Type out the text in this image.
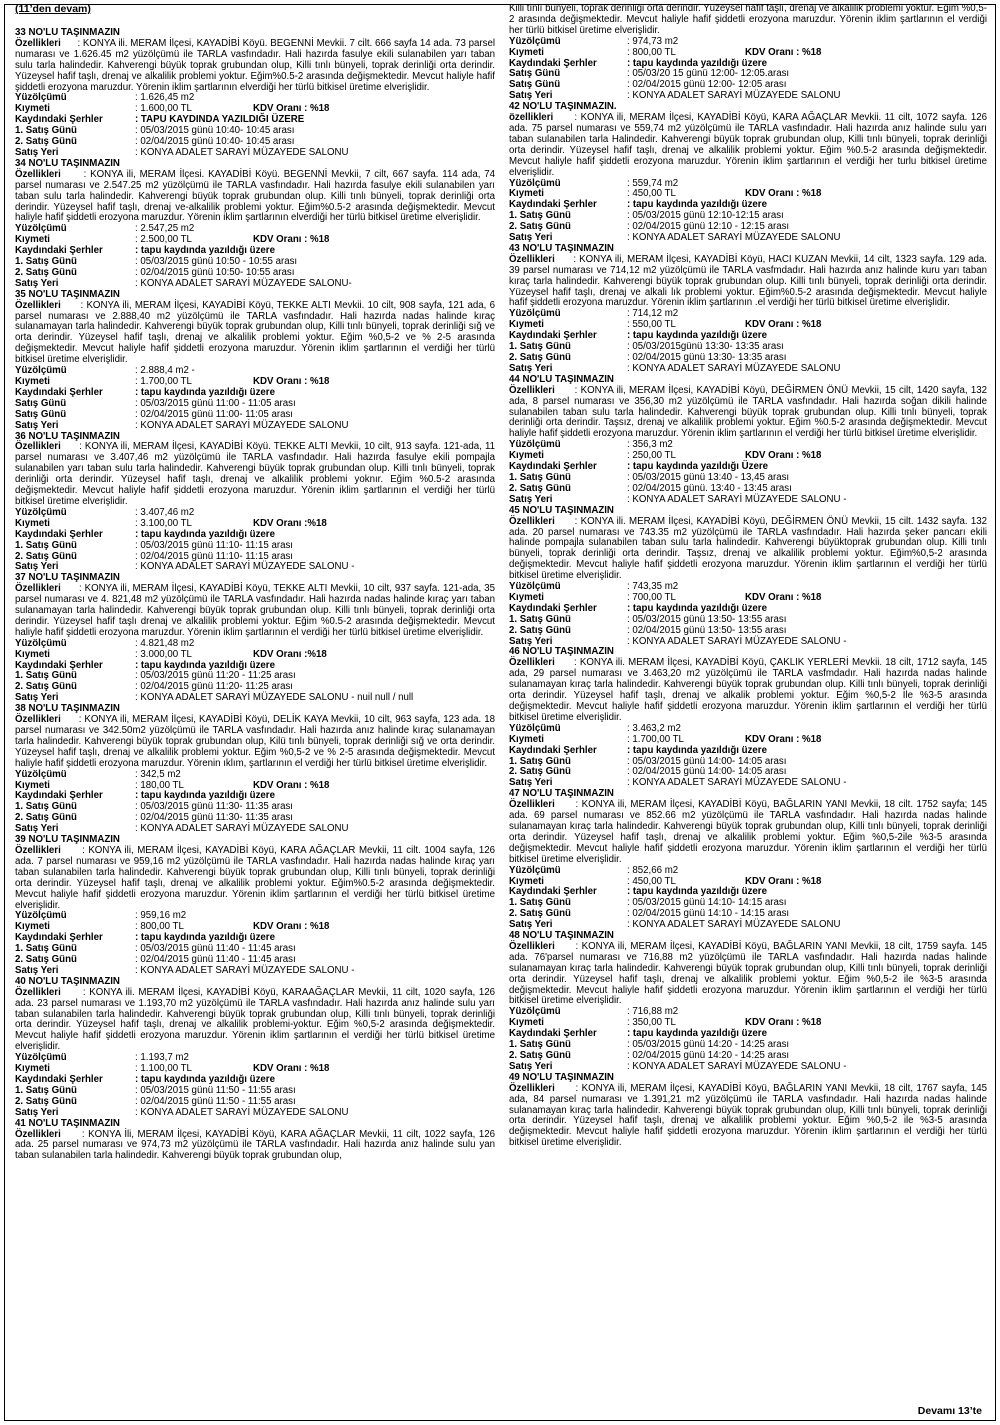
(11’den devam)
33 NO'LU TAŞINMAZIN

Özellikleri : KONYA ili. MERAM İlçesi, KAYADİBİ Köyü. BEGENNİ Mevkii. 7 cilt. 666 sayfa 14 ada. 73 parsel numarası ve 1.626.45 m2 yüzölçümü ile TARLA vasfındadır. Hali hazırda fasulye ekili sulanabilen yarı taban sulu tarla halindedir. Kahverengi büyük toprak grubundan olup, Killi tınlı bünyeli, toprak derinliği orta derindir. Yüzeysel hafif taşlı, drenaj ve alkalilik problemi yoktur. Eğim%0.5-2 arasında değişmektedir. Mevcut haliyle hafif şiddetli erozyona maruzdur. Yörenin iklim şartlarının elverdiği her türlü bitkisel üretime elverişlidir.

Yüzölçümü	: 1.626,45 m2
Kıymeti	: 1.600,00 TL	KDV Oranı : %18
Kaydındaki Şerhler	: TAPU KAYDINDA YAZILDIĞI ÜZERE
1. Satış Günü	: 05/03/2015 günü 10:40- 10:45 arası
2. Satış Günü	: 02/04/2015 günü 10:40- 10:45 arası
Satış Yeri	: KONYA ADALET SARAYİ MÜZAYEDE SALONU
34 NO'LU TAŞINMAZIN

Özellikleri : KONYA ili, MERAM İlçesi. KAYADİBİ Köyü. BEGENNİ Mevkii, 7 cilt, 667 sayfa. 114 ada, 74 parsel numarası ve 2.547.25 m2 yüzölçümü ile TARLA vasfındadır. Hali hazırda fasulye ekili sulanabilen yarı taban sulu tarla halindedir. Kahverengi büyük toprak grubundan olup. Killi tınlı bünyeli, toprak derinliği orta derindir. Yüzeysel hafif taşlı, drenaj ve-alkalilik problemi yoktur. Eğim%0.5-2 arasında değişmektedir. Mevcut haliyle hafif şiddetli erozyona maruzdur. Yörenin iklim şartlarının elverdiği her türlü bitkisel üretime elverişlidir.

Yüzölçümü	: 2.547,25 m2
Kıymeti	: 2.500,00 TL	KDV Oranı : %18
Kaydındaki Şerhler	: tapu kaydında yazıldığı üzere
1. Satış Günü	: 05/03/2015 günü 10:50 - 10:55 arası
2. Satış Günü	: 02/04/2015 günü 10:50- 10:55 arası
Satış Yeri	: KONYA ADALET SARAYİ MÜZAYEDE SALONU-
35 NO'LU TAŞINMAZIN

Özellikleri : KONYA ili, MERAM İlçesi, KAYADİBİ Köyü, TEKKE ALTI Mevkii. 10 cilt, 908 sayfa, 121 ada, 6 parsel numarası ve 2.888,40 m2 yüzölçümü ile TARLA vasfındadır. Hali hazırda nadas halinde kıraç sulanamayan tarla halindedir. Kahverengi büyük toprak grubundan olup, Killi tınlı bünyeli, toprak derinliği sığ ve orta derindir. Yüzeysel hafif taşlı, drenaj ve alkalilik problemi yoktur. Eğim %0,5-2 ve % 2-5 arasında değişmektedir. Mevcut haliyle hafif şiddetli erozyona maruzdur. Yörenin iklim şartlarının el verdiği her türlü bitkisel üretime elverişlidir.

Yüzölçümü	: 2.888,4 m2 -
Kıymeti	: 1.700,00 TL	KDV Oranı : %18
Kaydındaki Şerhler	: tapu kaydında yazıldığı üzere
Satış Günü	: 05/03/2015 günü 11:00 - 11:05 arası
Satış Günü	: 02/04/2015 günü 11:00- 11:05 arası
Satış Yeri	: KONYA ADALET SARAYİ MÜZAYEDE SALONU
36 NO'LU TAŞINMAZIN

Özellikleri : KONYA ili, MERAM İlçesi, KAYADİBİ Köyü. TEKKE ALTI Mevkii, 10 cilt, 913 sayfa. 121-ada, 11 parsel numarası ve 3.407,46 m2 yüzölçümü ile TARLA vasfındadır. Hali hazırda fasulye ekili pompajla sulanabilen yarı taban sulu tarla halindedir. Kahverengi büyük toprak grubundan olup. Killi tınlı bünyeli, toprak derinliği orta derindir. Yüzeysel hafif taşlı, drenaj ve alkalilik problemi yoknır. Eğim %0.5-2 arasında değişmektedir. Mevcut haliyle hafif şiddetli erozyona maruzdur. Yörenin iklim şartlarının el verdiği her türlü bitkisel üretime elverişlidir.

Yüzölçümü	: 3.407,46 m2
Kıymeti	: 3.100,00 TL	KDV Oranı :%18
Kaydındaki Şerhler	: tapu kaydında yazıldığı üzere
1. Satış Günü	: 05/03/2015 günü 11:10- 11:15 arası
2. Satış Günü	: 02/04/2015 günü 11:10- 11:15 arası
Satış Yeri	: KONYA ADALET SARAYİ MÜZAYEDE SALONU -
37 NO'LU TAŞINMAZIN

Özellikleri : KONYA ili, MERAM İlçesi, KAYADİBİ Köyü, TEKKE ALTI Mevkii, 10 cilt, 937 sayfa. 121-ada, 35 parsel numarası ve 4. 821,48 m2 yüzölçümü ile TARLA vasfındadır. Hali hazırda nadas halinde kıraç yarı taban sulanamayan tarla halindedir. Kahverengi büyük toprak grubundan olup. Killi tınlı bünyeli, toprak derinliği orta derindir. Yüzeysel hafif taşlı drenaj ve alkalilik problemi yoktur. Eğim %0.5-2 arasında değişmektedir. Mevcut haliyle hafif şiddetli erozyona maruzdur. Yörenin iklim şartlarının el verdiği her türlü bitkisel üretime elverişlidir.

Yüzölçümü	: 4.821,48 m2
Kıymeti	: 3.000,00 TL	KDV Oranı :%18
Kaydındaki Şerhler	: tapu kaydında yazıldığı üzere
1. Satış Günü	: 05/03/2015 günü 11:20 - 11:25 arası
2. Satış Günü	: 02/04/2015 günü 11:20- 11:25 arası
Satış Yeri	: KONYA ADALET SARAYİ MÜZAYEDE SALONU - nuil null / null
38 NO'LU TAŞINMAZIN

Özellikleri : KONYA ili, MERAM İlçesi, KAYADİBİ Köyü, DELİK KAYA Mevkii, 10 cilt, 963 sayfa, 123 ada. 18 parsel numarası ve 342.50m2 yüzölçümü ile TARLA vasfındadır. Hali hazırda anız halinde kıraç sulanamayan tarla halindedir. Kahverengi büyük toprak grubundan olup, Kilü tınlı bünyeli, toprak derinliği sığ ve orta derindir. Yüzeysel hafif taşlı, drenaj ve alkalilik problemi yoktur. Eğim %0,5-2 ve % 2-5 arasında değişmektedir. Mevcut haliyle hafif şiddetli erozyona maruzdur. Yörenin ıklım, şartlarının el verdiği her türlü bitkisel üretime elverişlidir.

Yüzölçümü	: 342,5 m2
Kıymeti	: 180,00 TL	KDV Oranı : %18
Kaydındaki Şerhler	: tapu kaydında yazıldığı üzere
1. Satış Günü	: 05/03/2015 günü 11:30- 11:35 arası
2. Satış Günü	: 02/04/2015 günü 11:30- 11:35 arası
Satış Yeri	: KONYA ADALET SARAYİ MÜZAYEDE SALONU
39 NO'LU TAŞINMAZIN

Özellikleri : KONYA ili, MERAM İlçesi, KAYADİBİ Köyü, KARA AĞAÇLAR Mevkii, 11 cilt. 1004 sayfa, 126 ada. 7 parsel numarası ve 959,16 m2 yüzölçümü ile TARLA vasfındadır. Hali hazırda nadas halinde kıraç yarı taban sulanabilen tarla halindedir. Kahverengi büyük toprak grubundan olup, Killi tınlı bünyeli, toprak derinliği orta derindir. Yüzeysel hafif taşlı, drenaj ve alkalilik problemi yoktur. Eğim%0.5-2 arasında değişmektedir. Mevcut haliyle hafif şiddetli erozyona maruzdur. Yörenin iklim şartlarının el verdiği her türlü bitkisel üretime elverişlidir.

Yüzölçümü	: 959,16 m2
Kıymeti	: 800,00 TL	KDV Oranı : %18
Kaydındaki Şerhler	: tapu kaydında yazıldığı üzere
1. Satış Günü	: 05/03/2015 günü 11:40 - 11:45 arası
2. Satış Günü	: 02/04/2015 günü 11:40 - 11:45 arası
Satış Yeri	: KONYA ADALET SARAYİ MÜZAYEDE SALONU -
40 NO'LU TAŞINMAZIN

Özellikleri : KONYA ili. MERAM İlçesi, KAYADİBİ Köyü, KARAAĞAÇLAR Mevkii, 11 cilt, 1020 sayfa, 126 ada. 23 parsel numarası ve 1.193,70 m2 yüzölçümü ile TARLA vasfındadır. Hali hazırda anız halinde sulu yarı taban sulanabilen tarla halindedir. Kahverengi büyük toprak grubundan olup, Killi tınlı bünyeli, toprak derinliği orta derindir. Yüzeysel hafif taşlı, drenaj ve alkalilik problemi-yoktur. Eğim %0,5-2 arasında değişmektedir. Mevcut haliyle hafif şiddetli erozyona maruzdur. Yörenin iklim şartlarının el verdiği her türlü bitkisel üretime elverişlidir.

Yüzölçümü	: 1.193,7 m2
Kıymeti	: 1.100,00 TL	KDV Oranı : %18
Kaydındaki Şerhler	: tapu kaydında yazıldığı üzere
1. Satış Günü	: 05/03/2015 günü 11:50 - 11:55 arası
2. Satış Günü	: 02/04/2015 günü 11:50 - 11:55 arası
Satış Yeri	: KONYA ADALET SARAYİ MÜZAYEDE SALONU
41 NO'LU TAŞINMAZIN

Özellikleri : KONYA İli, MERAM İlçesi, KAYADİBİ Köyü, KARA AĞAÇLAR Mevkii, 11 cilt, 1022 sayfa, 126 ada. 25 parsel numarası ve 974,73 m2 yüzölçümü ile TARLA vasfındadır. Hali hazırda anız halinde sulu yan taban sulanabilen tarla halindedir. Kahverengi büyük toprak grubundan olup,

Killi tınlı bünyeli, toprak derinliği orta derindir. Yüzeysel hafif taşlı, drenaj ve alkalilik problemi yoktur. Eğim %0,5-2 arasında değişmektedir. Mevcut haliyle hafif şiddetli erozyona maruzdur. Yörenin iklim şartlarının el verdiği her türlü bitkisel üretime elverişlidir.

Yüzölçümü	: 974,73 m2
Kıymeti	: 800,00 TL	KDV Oranı : %18
Kaydındaki Şerhler	: tapu kaydında yazıldığı üzere
Satış Günü	: 05/03/20 15 günü 12:00- 12:05.arası
Satış Günü	: 02/04/2015 günü 12:00- 12:05 arası
Satış Yeri	: KONYA ADALET SARAYİ MÜZAYEDE SALONU
42 NO'LU TAŞINMAZIN.

özellikleri : KONYA ili, MERAM İlçesi, KAYADİBİ Köyü, KARA AĞAÇLAR Mevkii. 11 cilt, 1072 sayfa. 126 ada. 75 parsel numarası ve 559,74 m2 yüzölçümü ile TARLA vasfındadır. Hali hazırda anız halinde sulu yarı taban sulanabilen tarla Halindedir. Kahverengi büyük toprak grubundan olup, Killi tınlı bünyeli, toprak derinliği orta derindir. Yüzeysel hafif taşlı, drenaj ve alkalilik problemi yoktur. Eğim %0.5-2 arasında değişmektedir. Mevcut haliyle hafif şiddetli erozyona maruzdur. Yörenin iklim şartlarının el verdiği her turlu bitkisel üretime elverişlidir.

Yüzölçümü	: 559,74 m2
Kıymeti	: 450,00 TL	KDV Oranı : %18
Kaydındaki Şerhler	: tapu kaydında yazıldığı üzere
1. Satış Günü	: 05/03/2015 günü 12:10-12:15 arası
2. Satış Günü	: 02/04/2015 günü 12:10 - 12:15 arası
Satış Yeri	: KONYA ADALET SARAYİ MÜZAYEDE SALONU
43 NO'LU TAŞINMAZIN

Özellikleri : KONYA ili, MERAM İlçesi, KAYADİBİ Köyü, HACI KUZAN Mevkii, 14 cilt, 1323 sayfa. 129 ada. 39 parsel numarası ve 714,12 m2 yüzölçümü ile TARLA vasfmdadır. Hali hazırda anız halinde kuru yarı taban kıraç tarla halindedir. Kahverengi büyük toprak grubundan olup. Killi tınlı bünyeli, toprak derinliği orta derindir. Yüzeysel hafif taşlı, drenaj ve alkali lık problemi yoktur. Eğim%0.5-2 arasında değişmektedir. Mevcut haliyle hafif şiddetli erozyona maruzdur. Yörenin iklim şartlarının .el verdiği her türlü bitkisel üretime elverişlidir.

Yüzölçümü	: 714,12 m2
Kıymeti	: 550,00 TL	KDV Oranı : %18
Kaydındaki Şerhler	: tapu kaydında yazıldığı üzere
1. Satış Günü	: 05/03/2015günü 13:30- 13:35 arası
2. Satış Günü	: 02/04/2015 günü 13:30- 13:35 arası
Satış Yeri	: KONYA ADALET SARAYİ MÜZAYEDE SALONU
44 NO'LU TAŞINMAZIN

Özellikleri : KONYA ili, MERAM İlçesi, KAYADİBİ Köyü, DEĞİRMEN ÖNÜ Mevkii, 15 cilt, 1420 sayfa, 132 ada, 8 parsel numarası ve 356,30 m2 yüzölçümü ile TARLA vasfındadır. Hali hazırda soğan dikili halinde sulanabilen taban sulu tarla halindedir. Kahverengi büyük toprak grubundan olup. Killi tınlı bünyeli, toprak derinliği orta derindir. Taşsız, drenaj ve alkalilik problemi yoktur. Eğim %0.5-2 arasında değişmektedir. Mevcut haliyle hafif şiddetli erozyona maruzdur. Yörenin iklim şartlarının el verdiği her türlü bitkisel üretime elverişlidir.

Yüzölçümü	: 356,3 m2
Kıymeti	: 250,00 TL	KDV Oranı : %18
Kaydındaki Şerhler	: tapu kaydında yazıldığı Üzere
1. Satış Günü	: 05/03/2015 günü 13:40 - 13,45 arası
2. Satış Günü	: 02/04/2015 günü. 13:40 - 13:45 arası
Satış Yeri	: KONYA ADALET SARAYİ MÜZAYEDE SALONU -
45 NO'LU TAŞINMAZIN

Özellikleri : KONYA ili. MERAM İlçesi, KAYADİBİ Köyü, DEĞİRMEN ÖNÜ Mevkii, 15 cilt. 1432 sayfa. 132 ada. 20 parsel numarası ve 743.35 m2 yüzölçümü ile TARLA vasfındadır. Hali hazırda şeker pancarı ekili halinde pompajla sulanabilen taban sulu tarla halindedir. Kahverengi büyüktoprak grubundan olup. Killi tınlı bünyeli, toprak derinliği orta derindir. Taşsız, drenaj ve alkalilik problemi yoktur. Eğim%0,5-2 arasında değişmektedir. Mevcut haliyle hafif şiddetli erozyona maruzdur. Yörenin iklim şartlarının el verdiği her türlü bitkisel üretime elverişlidir.

Yüzölçümü	: 743,35 m2
Kıymeti	: 700,00 TL	KDV Oranı : %18
Kaydındaki Şerhler	: tapu kaydında yazıldığı üzere
1. Satış Günü	: 05/03/2015 günü 13:50- 13:55 arası
2. Satış Günü	: 02/04/2015 günü 13:50- 13:55 arası
Satış Yeri	: KONYA ADALET SARAYİ MÜZAYEDE SALONU -
46 NO'LU TAŞINMAZIN

Özellikleri : KONYA ili. MERAM İlçesi, KAYADİBİ Köyü, ÇAKLIK YERLERİ Mevkii. 18 cilt, 1712 sayfa, 145 ada, 29 parsel numarası ve 3.463,20 m2 yüzölçümü ile TARLA vasfmdadır. Hali hazırda nadas halinde sulanamayan kıraç tarla halindedir. Kahverengi büyük toprak grubundan olup. Killi tınlı bünyeli, toprak derinliği orta derindir. Yüzeysel hafif taşlı, drenaj ve alkalik problemi yoktur. Eğim %0,5-2 İle %3-5 arasında değişmektedir. Mevcut haliyle hafif şiddetli erozyona maruzdur. Yörenin iklim şartlarının el verdiği her türlü bitkisel üretime elverişlidir.

Yüzölçümü	: 3.463,2 m2
Kıymeti	: 1.700,00 TL	KDV Oranı : %18
Kaydındaki Şerhler	: tapu kaydında yazıldığı üzere
1. Satış Günü	: 05/03/2015 günü 14:00- 14:05 arası
2. Satış Günü	: 02/04/2015 günü 14:00- 14:05 arası
Satış Yeri	: KONYA ADALET SARAYİ MÜZAYEDE SALONU -
47 NO'LU TAŞINMAZIN

Özellikleri : KONYA ili, MERAM İlçesi, KAYADİBİ Köyü, BAĞLARIN YANI Mevkii, 18 cilt. 1752 sayfa; 145 ada. 69 parsel numarası ve 852.66 m2 yüzölçümü ile TARLA vasfındadır. Hali hazırda nadas halinde sulanamayan kıraç tarla halindedir. Kahverengi büyük toprak grubundan olup, Killi tınlı bünyeli, toprak derinliği orta derindir. Yüzeysel hafif taşlı, drenaj ve alkalilik problemi yoktur. Eğim %0,5-2ile %3-5 arasında değişmektedir. Mevcut haliyle hafif şiddetli erozyona maruzdur. Yörenin iklim şartlarının el verdiği her türlü bitkisel üretime elverişlidir.

Yüzölçümü	: 852,66 m2
Kıymeti	: 450,00 TL	KDV Oranı : %18
Kaydındaki Şerhler	: tapu kaydında yazıldığı üzere
1. Satış Günü	: 05/03/2015 günü 14:10- 14:15 arası
2. Satış Günü	: 02/04/2015 günü 14:10 - 14:15 arası
Satış Yeri	: KONYA ADALET SARAYİ MÜZAYEDE SALONU
48 NO'LU TAŞINMAZIN

Özellikleri : KONYA ili, MERAM İlçesi, KAYADİBİ Köyü, BAĞLARIN YANI Mevkii, 18 cilt, 1759 sayfa. 145 ada. 76'parsel numarası ve 716,88 m2 yüzölçümü ile TARLA vasfındadır. Hali hazırda nadas halinde sulanamayan kıraç tarla halindedir. Kahverengi büyük toprak grubundan olup, Killi tınlı bünyeli, toprak derinliği orta derindir. Yüzeysel hafif taşlı, drenaj ve alkalilik problemi yoktur. Eğim %0,5-2 ile %3-5 arasında değişmektedir. Mevcut haliyle hafif şiddetli erozyona maruzdur. Yörenin iklim şartlarının el verdiği her türlü bitkisel üretime elverişlidir.

Yüzölçümü	: 716,88 m2
Kıymeti	: 350,00 TL	KDV Oranı : %18
Kaydındaki Şerhler	: tapu kaydında yazıldığı üzere
1. Satış Günü	: 05/03/2015 günü 14:20 - 14:25 arası
2. Satış Günü	: 02/04/2015 günü 14:20 - 14:25 arası
Satış Yeri	: KONYA ADALET SARAYİ MÜZAYEDE SALONU -
49 NO'LU TAŞINMAZIN

Özellikleri : KONYA ili, MERAM İlçesi, KAYADİBİ Köyü, BAĞLARIN YANI Mevkii, 18 cilt, 1767 sayfa, 145 ada, 84 parsel numarası ve 1.391,21 m2 yüzölçümü ile TARLA vasfındadır. Hali hazırda nadas halinde sulanamayan kıraç tarla halindedir. Kahverengi büyük toprak grubundan olup, Killi tınlı bünyeli, toprak derinliği orta derindir. Yüzeysel hafif taşlı, drenaj ve alkalilik problemi yoktur. Eğim %0,5-2 ile %3-5 arasında değişmektedir. Mevcut haliyle hafif şiddetli erozyona maruzdur. Yörenin iklim şartlarının el verdiği her türlü bitkisel üretime elverişlidir.

Devamı 13’te
